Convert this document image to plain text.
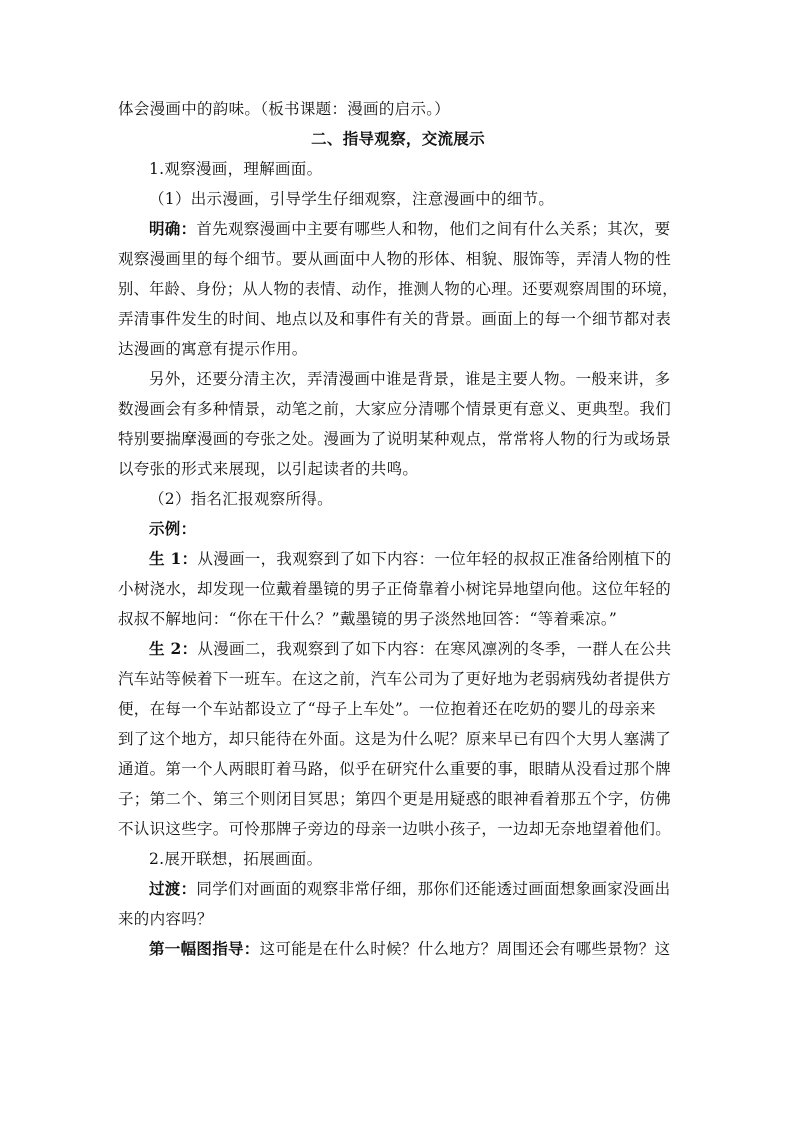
体会漫画中的韵味。（板书课题：漫画的启示。）
二、指导观察，交流展示
1.观察漫画，理解画面。
（1）出示漫画，引导学生仔细观察，注意漫画中的细节。
明确：首先观察漫画中主要有哪些人和物，他们之间有什么关系；其次，要
观察漫画里的每个细节。要从画面中人物的形体、相貌、服饰等，弄清人物的性
别、年龄、身份；从人物的表情、动作，推测人物的心理。还要观察周围的环境，
弄清事件发生的时间、地点以及和事件有关的背景。画面上的每一个细节都对表
达漫画的寓意有提示作用。
另外，还要分清主次，弄清漫画中谁是背景，谁是主要人物。一般来讲，多
数漫画会有多种情景，动笔之前，大家应分清哪个情景更有意义、更典型。我们
特别要揣摩漫画的夸张之处。漫画为了说明某种观点，常常将人物的行为或场景
以夸张的形式来展现，以引起读者的共鸣。
（2）指名汇报观察所得。
示例：
生 1：从漫画一，我观察到了如下内容：一位年轻的叔叔正准备给刚植下的
小树浇水，却发现一位戴着墨镜的男子正倚靠着小树诧异地望向他。这位年轻的
叔叔不解地问：“你在干什么？”戴墨镜的男子淡然地回答：“等着乘凉。”
生 2：从漫画二，我观察到了如下内容：在寒风凛冽的冬季，一群人在公共
汽车站等候着下一班车。在这之前，汽车公司为了更好地为老弱病残幼者提供方
便，在每一个车站都设立了“母子上车处”。一位抱着还在吃奶的婴儿的母亲来
到了这个地方，却只能待在外面。这是为什么呢？原来早已有四个大男人塞满了
通道。第一个人两眼盯着马路，似乎在研究什么重要的事，眼睛从没看过那个牌
子；第二个、第三个则闭目冥思；第四个更是用疑惑的眼神看着那五个字，仿佛
不认识这些字。可怜那牌子旁边的母亲一边哄小孩子，一边却无奈地望着他们。
2.展开联想，拓展画面。
过渡：同学们对画面的观察非常仔细，那你们还能透过画面想象画家没画出
来的内容吗？
第一幅图指导：这可能是在什么时候？什么地方？周围还会有哪些景物？这
